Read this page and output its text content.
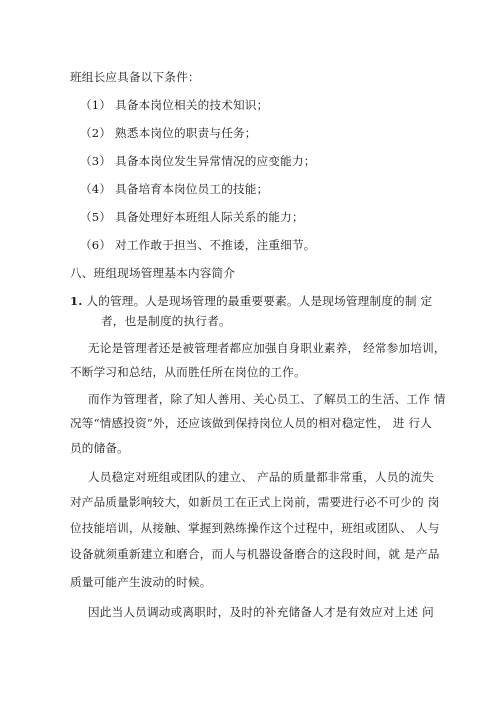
班组长应具备以下条件：
（1） 具备本岗位相关的技术知识；
（2） 熟悉本岗位的职责与任务；
（3） 具备本岗位发生异常情况的应变能力；
（4） 具备培育本岗位员工的技能；
（5） 具备处理好本班组人际关系的能力；
（6） 对工作敢于担当、不推诿，注重细节。
八、班组现场管理基本内容简介
1. 人的管理。人是现场管理的最重要要素。人是现场管理制度的制 定
者，也是制度的执行者。
无论是管理者还是被管理者都应加强自身职业素养， 经常参加培训，
不断学习和总结，从而胜任所在岗位的工作。
而作为管理者，除了知人善用、关心员工、了解员工的生活、工作 情
况等“情感投资”外，还应该做到保持岗位人员的相对稳定性， 进 行人
员的储备。
人员稳定对班组或团队的建立、 产品的质量都非常重，人员的流失
对产品质量影响较大，如新员工在正式上岗前，需要进行必不可少的 岗
位技能培训，从接触、掌握到熟练操作这个过程中，班组或团队、 人与
设备就须重新建立和磨合，而人与机器设备磨合的这段时间，就 是产品
质量可能产生波动的时候。
因此当人员调动或离职时，及时的补充储备人才是有效应对上述 问
